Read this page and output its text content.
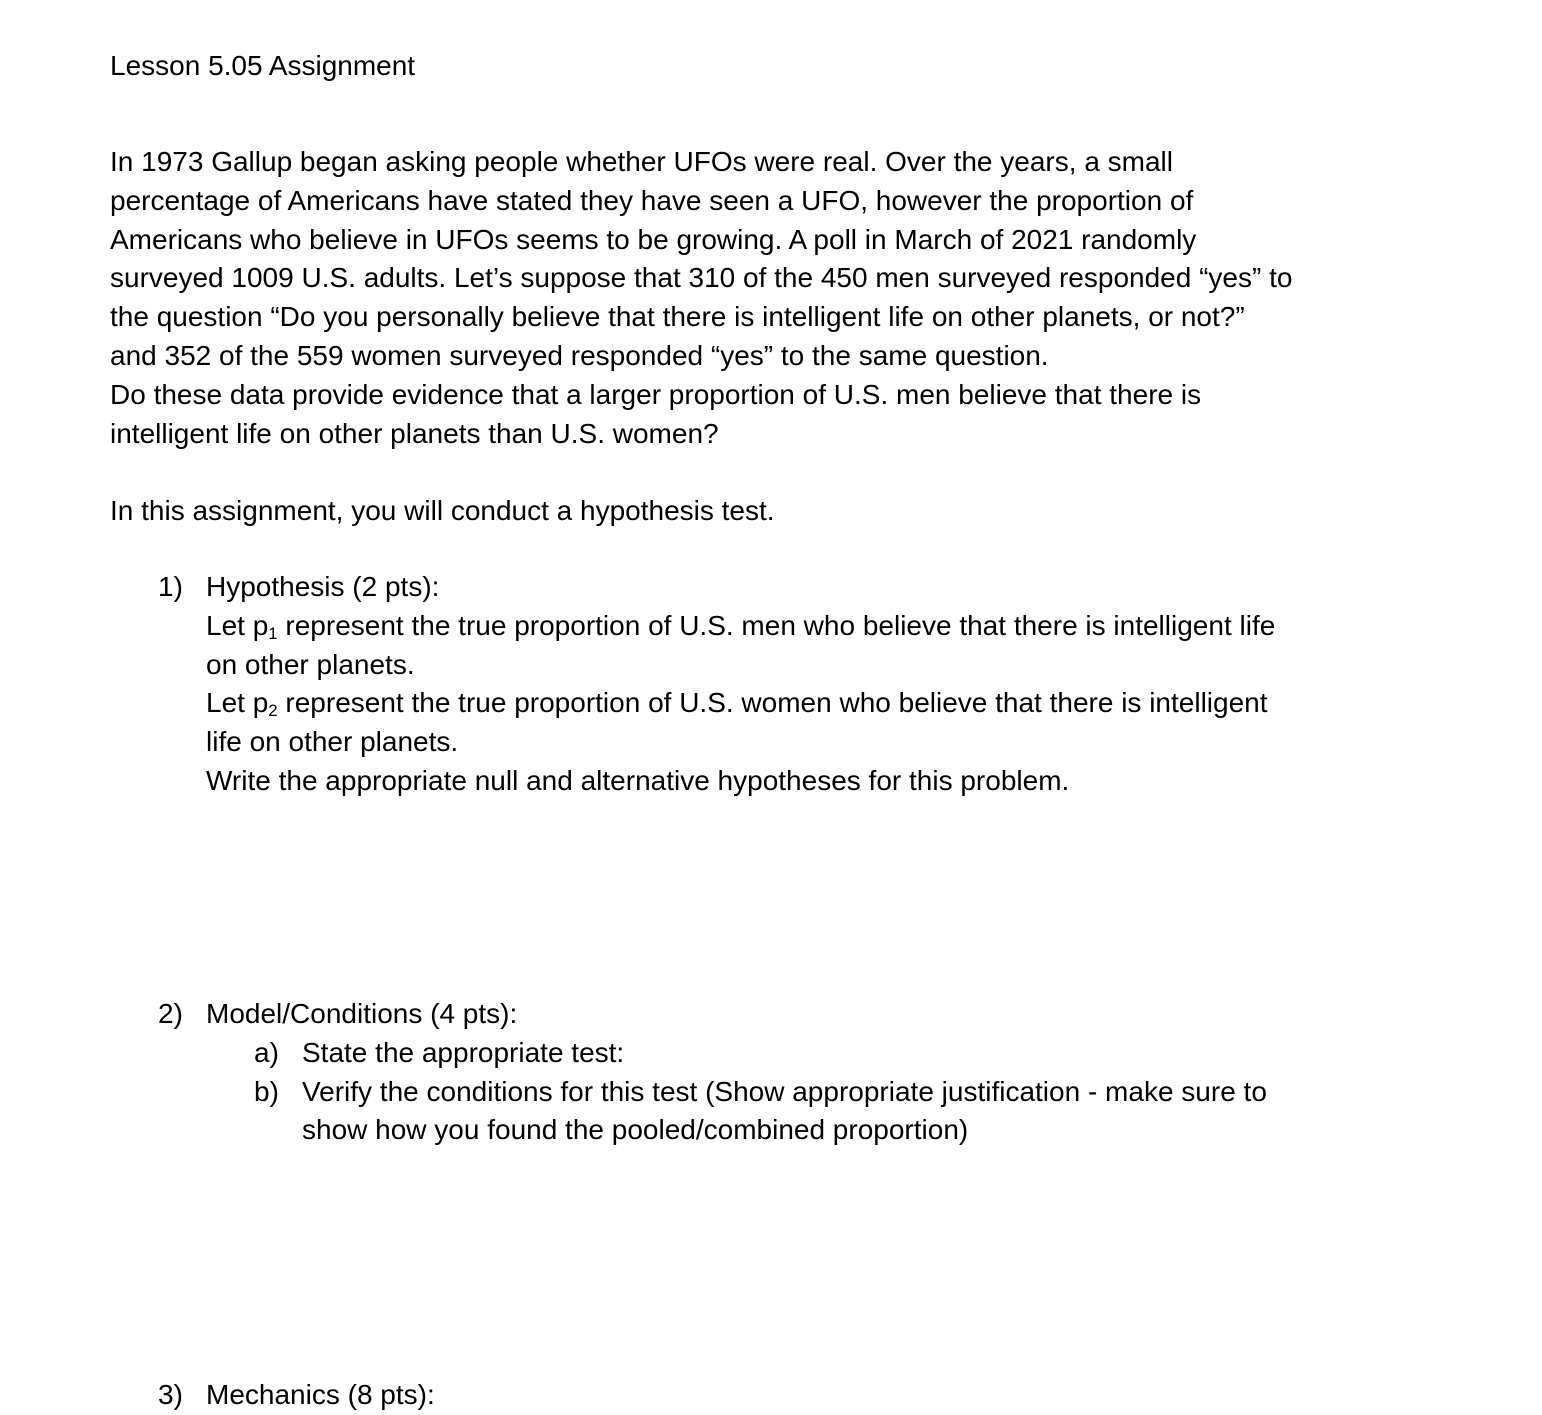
Lesson 5.05 Assignment
In 1973 Gallup began asking people whether UFOs were real. Over the years, a small
percentage of Americans have stated they have seen a UFO, however the proportion of
Americans who believe in UFOs seems to be growing. A poll in March of 2021 randomly
surveyed 1009 U.S. adults. Let’s suppose that 310 of the 450 men surveyed responded “yes” to
the question “Do you personally believe that there is intelligent life on other planets, or not?”
and 352 of the 559 women surveyed responded “yes” to the same question.
Do these data provide evidence that a larger proportion of U.S. men believe that there is
intelligent life on other planets than U.S. women?

In this assignment, you will conduct a hypothesis test.

1) Hypothesis (2 pts):
Let $p_1$ represent the true proportion of U.S. men who believe that there is intelligent life
on other planets.
Let $p_2$ represent the true proportion of U.S. women who believe that there is intelligent
life on other planets.
Write the appropriate null and alternative hypotheses for this problem.
2) Model/Conditions (4 pts):
a) State the appropriate test:
b) Verify the conditions for this test (Show appropriate justification - make sure to
show how you found the pooled/combined proportion)
3) Mechanics (8 pts):
